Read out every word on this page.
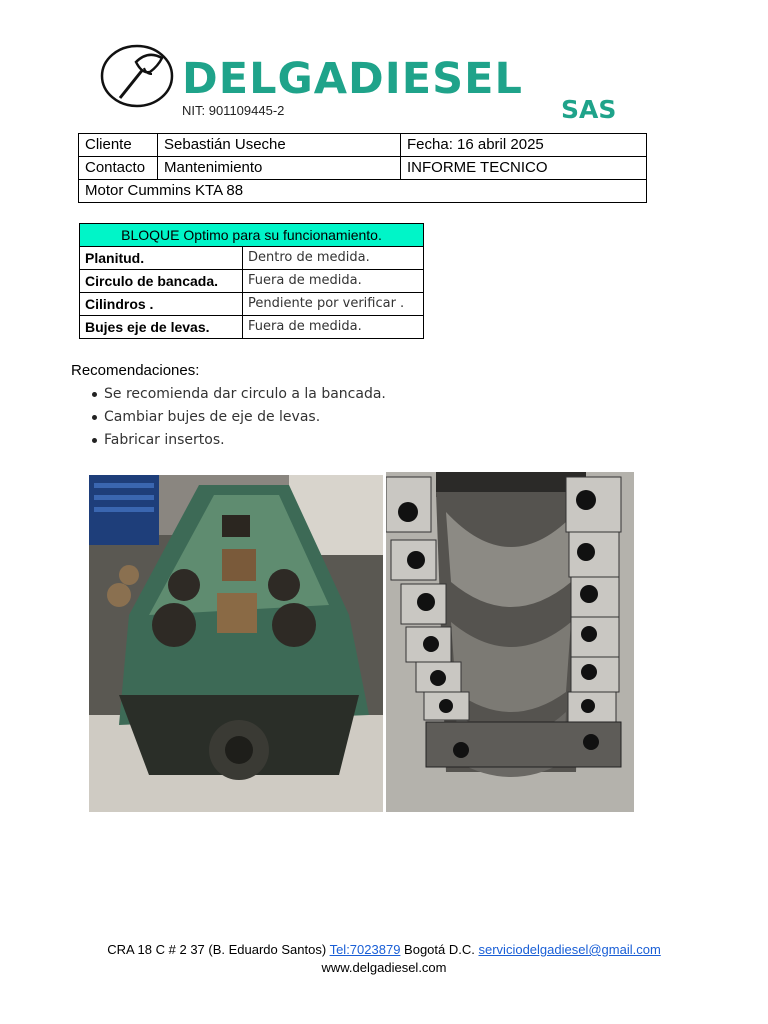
DELGADIESEL
SAS
NIT: 901109445-2
Cliente	Sebastián Useche	Fecha: 16 abril 2025
Contacto	Mantenimiento	INFORME TECNICO
Motor Cummins KTA 88		
BLOQUE Optimo para su funcionamiento.	
Planitud.	Dentro de medida.
Circulo de bancada.	Fuera de medida.
Cilindros .	Pendiente por verificar .
Bujes eje de levas.	Fuera de medida.
Recomendaciones:
Se recomienda dar circulo a la bancada.
Cambiar bujes de eje de levas.
Fabricar insertos.
CRA 18 C # 2 37 (B. Eduardo Santos) Tel:7023879 Bogotá D.C. serviciodelgadiesel@gmail.com
www.delgadiesel.com
